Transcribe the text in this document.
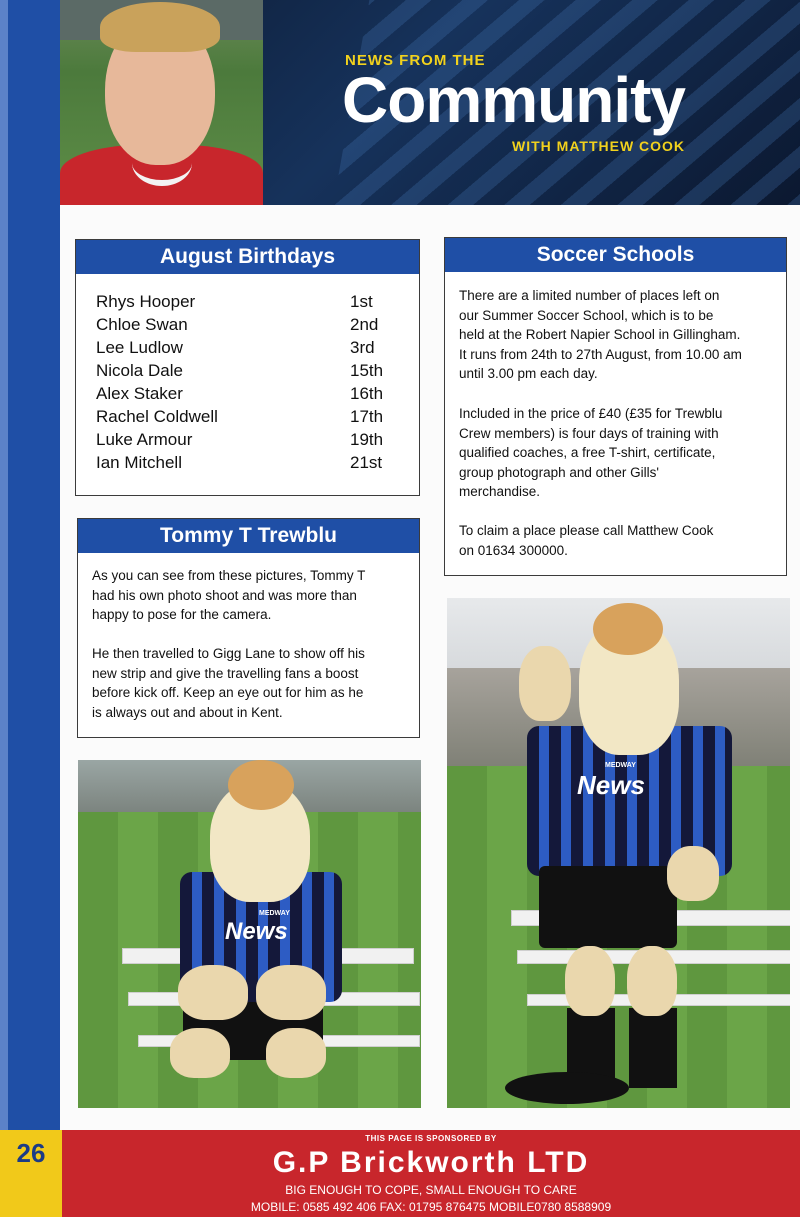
NEWS FROM THE
Community
WITH MATTHEW COOK
August Birthdays
Rhys Hooper	1st
Chloe Swan	2nd
Lee Ludlow	3rd
Nicola Dale	15th
Alex Staker	16th
Rachel Coldwell	17th
Luke Armour	19th
Ian Mitchell	21st
Soccer Schools
There are a limited number of places left on
our Summer Soccer School, which is to be
held at the Robert Napier School in Gillingham.
It runs from 24th to 27th August, from 10.00 am
until 3.00 pm each day.
Included in the price of £40 (£35 for Trewblu
Crew members) is four days of training with
qualified coaches, a free T-shirt, certificate,
group photograph and other Gills'
merchandise.
To claim a place please call Matthew Cook
on 01634 300000.
Tommy T Trewblu
As you can see from these pictures, Tommy T
had his own photo shoot and was more than
happy to pose for the camera.
He then travelled to Gigg Lane to show off his
new strip and give the travelling fans a boost
before kick off. Keep an eye out for him as he
is always out and about in Kent.
News
MEDWAY
News
MEDWAY
26	THIS PAGE IS SPONSORED BY
G.P Brickworth LTD
BIG ENOUGH TO COPE, SMALL ENOUGH TO CARE
MOBILE: 0585 492 406 FAX: 01795 876475 MOBILE0780 8588909
